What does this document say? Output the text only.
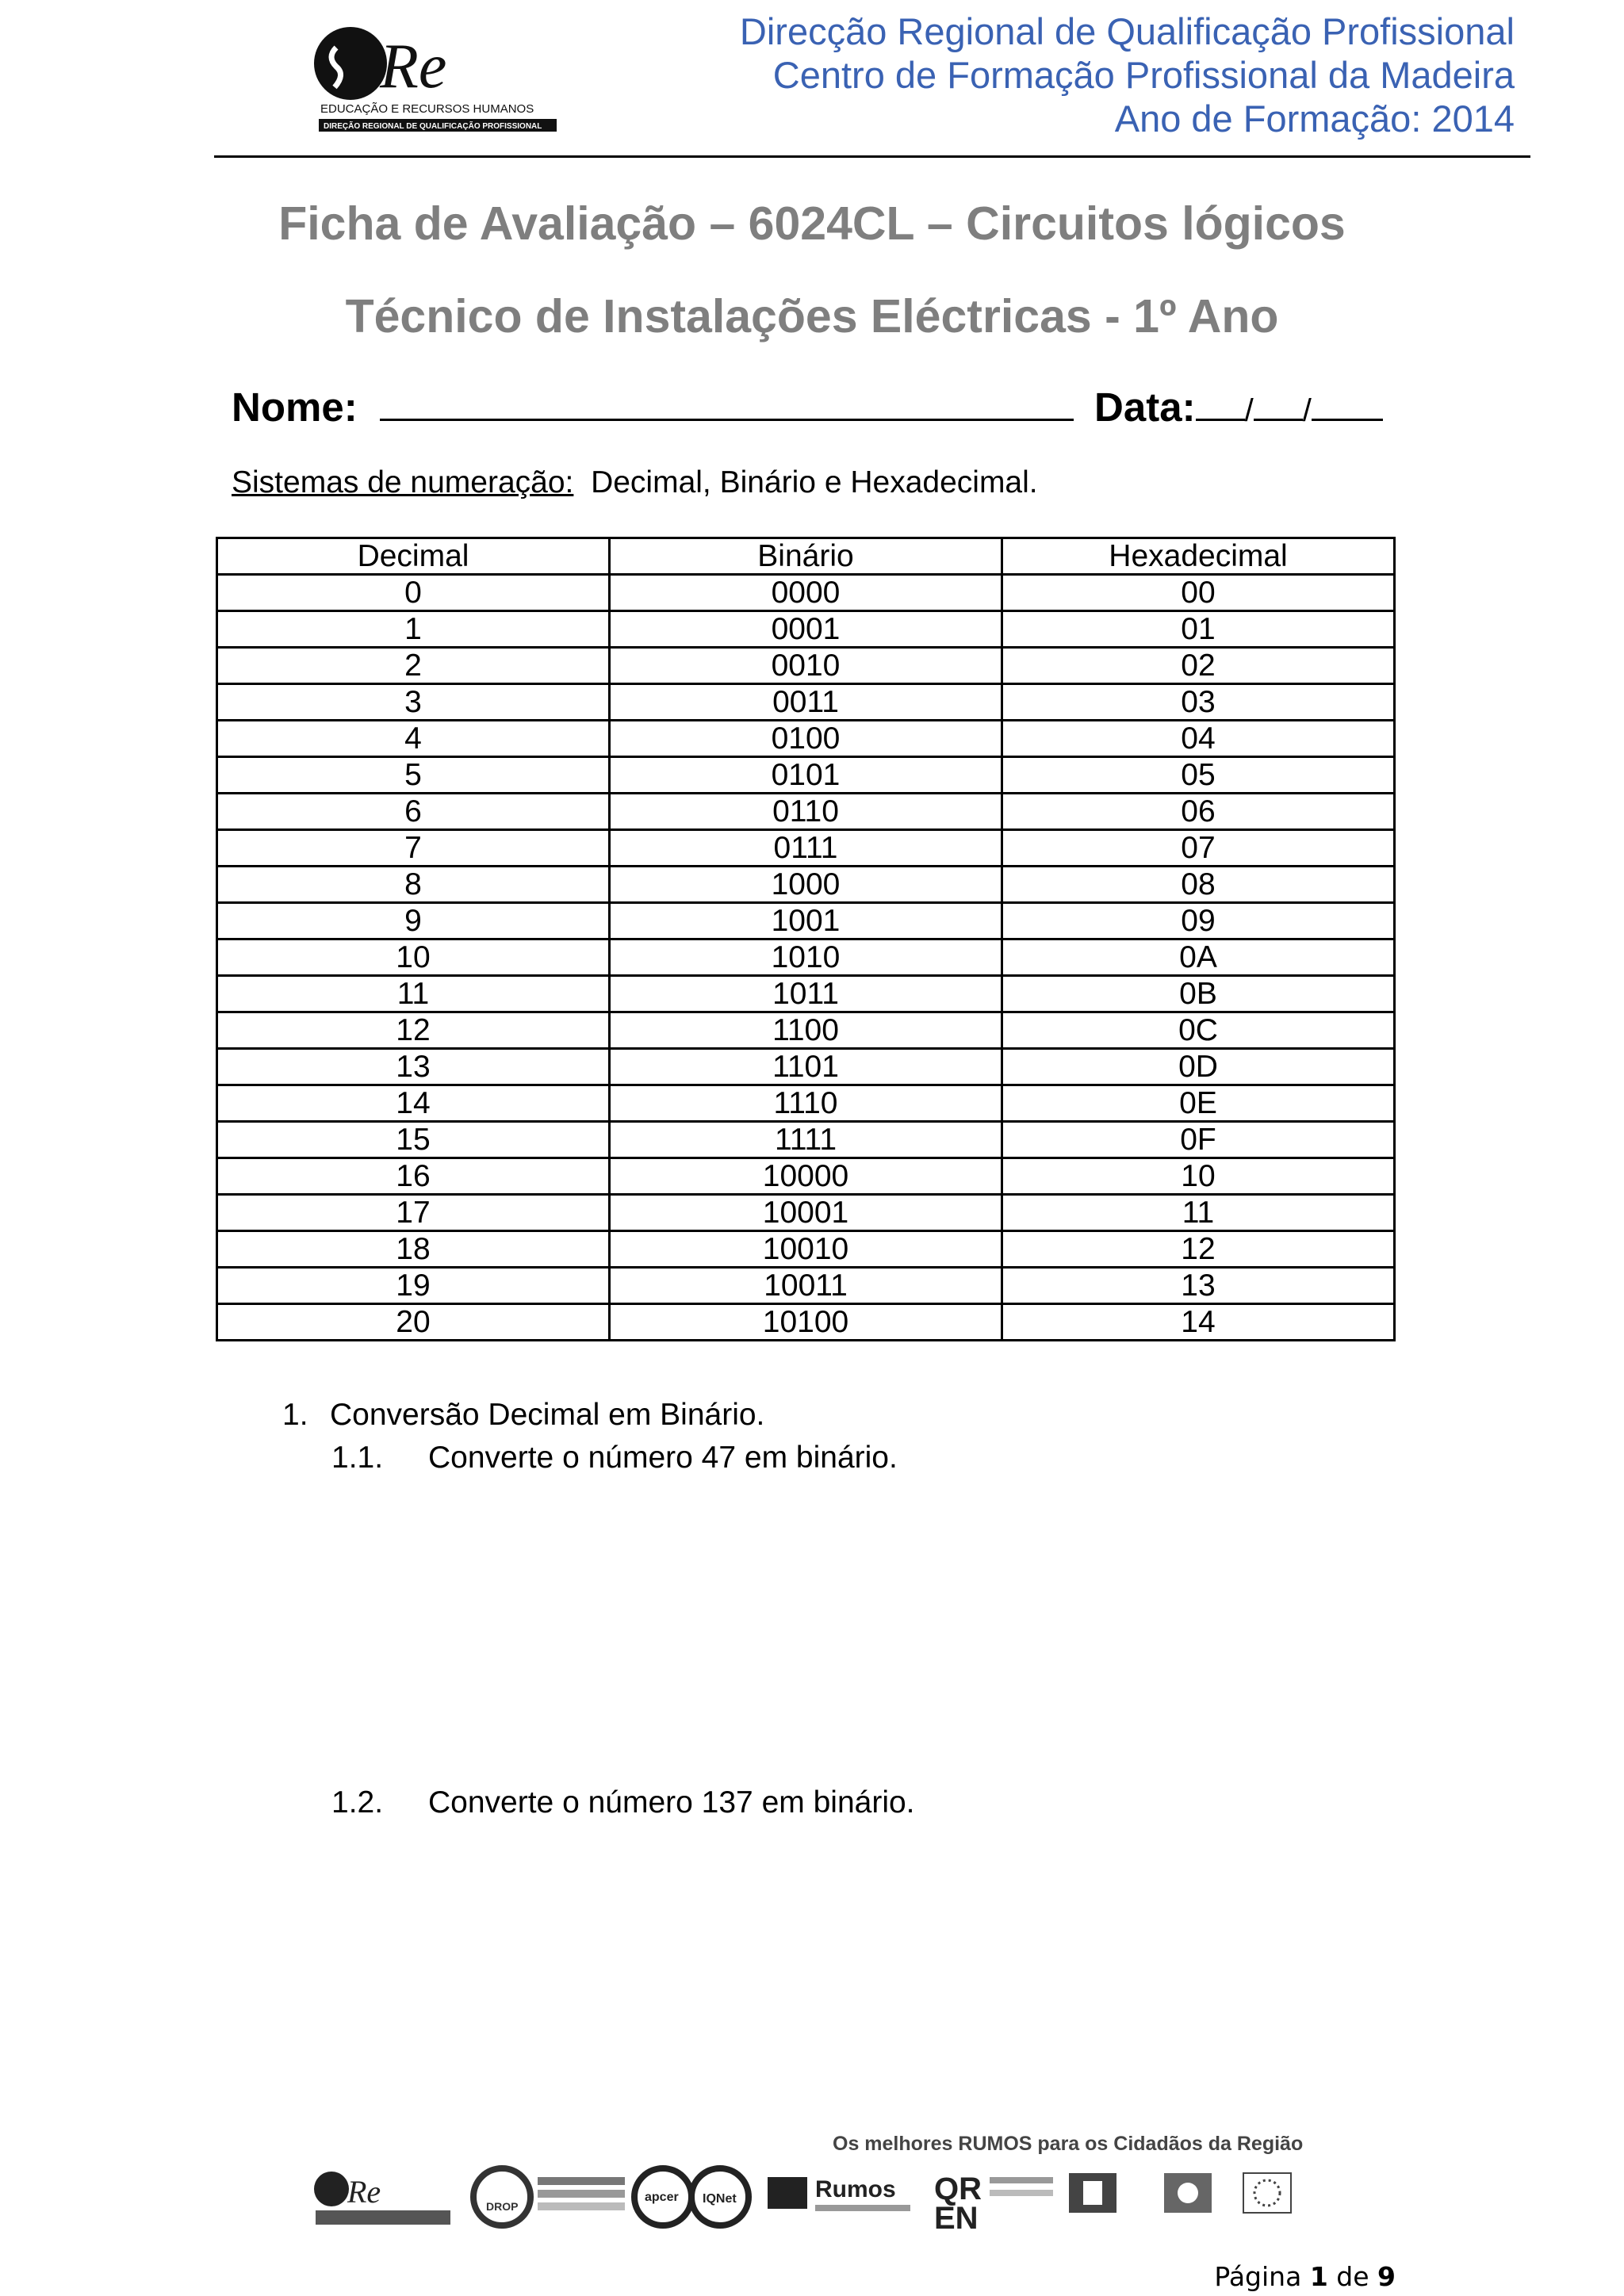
Re
EDUCAÇÃO E RECURSOS HUMANOS
DIREÇÃO REGIONAL DE QUALIFICAÇÃO PROFISSIONAL
Direcção Regional de Qualificação Profissional
Centro de Formação Profissional da Madeira
Ano de Formação: 2014
Ficha de Avaliação – 6024CL – Circuitos lógicos
Técnico de Instalações Eléctricas - 1º Ano
Nome:	Data: / /
Sistemas de numeração: Decimal, Binário e Hexadecimal.
Decimal	Binário	Hexadecimal
0	0000	00
1	0001	01
2	0010	02
3	0011	03
4	0100	04
5	0101	05
6	0110	06
7	0111	07
8	1000	08
9	1001	09
10	1010	0A
11	1011	0B
12	1100	0C
13	1101	0D
14	1110	0E
15	1111	0F
16	10000	10
17	10001	11
18	10010	12
19	10011	13
20	10100	14
1. Conversão Decimal em Binário.
1.1. Converte o número 47 em binário.
1.2. Converte o número 137 em binário.
Os melhores RUMOS para os Cidadãos da Região
Re	DROP
apcer IQNet	Rumos QR
EN
Página 1 de 9
